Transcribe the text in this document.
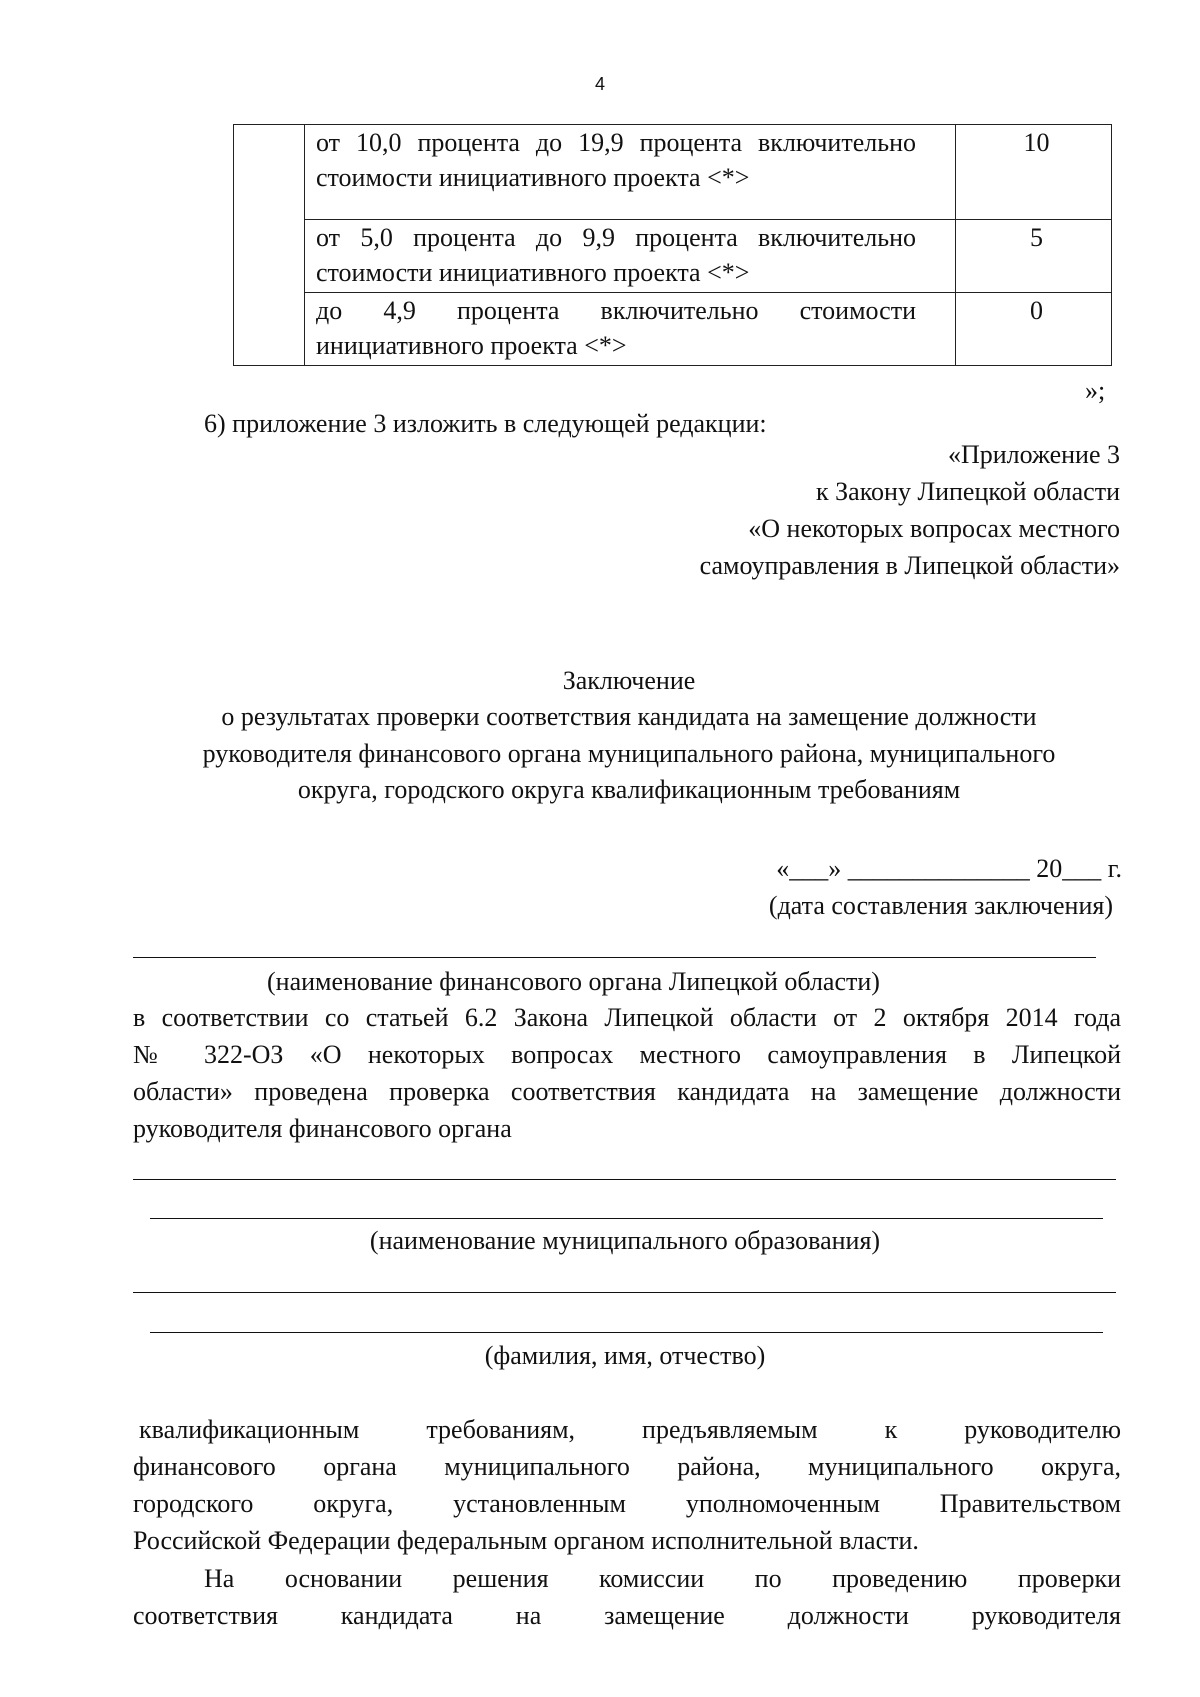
4
	от 10,0 процента до 19,9 процента включительно стоимости инициативного проекта <*>	10
	от 5,0 процента до 9,9 процента включительно стоимости инициативного проекта <*>	5
	до 4,9 процента включительно стоимости инициативного проекта <*>	0
»;
6) приложение 3 изложить в следующей редакции:
«Приложение 3
к Закону Липецкой области
«О некоторых вопросах местного
самоуправления в Липецкой области»
Заключение
о результатах проверки соответствия кандидата на замещение должности
руководителя финансового органа муниципального района, муниципального
округа, городского округа квалификационным требованиям
«___» ______________ 20___ г.
(дата составления заключения)
(наименование финансового органа Липецкой области)
в соответствии со статьей 6.2 Закона Липецкой области от 2 октября 2014 года
№ 322-ОЗ «О некоторых вопросах местного самоуправления в Липецкой
области» проведена проверка соответствия кандидата на замещение должности
руководителя финансового органа
(наименование муниципального образования)
(фамилия, имя, отчество)
квалификационным требованиям, предъявляемым к руководителю
финансового органа муниципального района, муниципального округа,
городского округа, установленным уполномоченным Правительством
Российской Федерации федеральным органом исполнительной власти.
На основании решения комиссии по проведению проверки
соответствия кандидата на замещение должности руководителя
